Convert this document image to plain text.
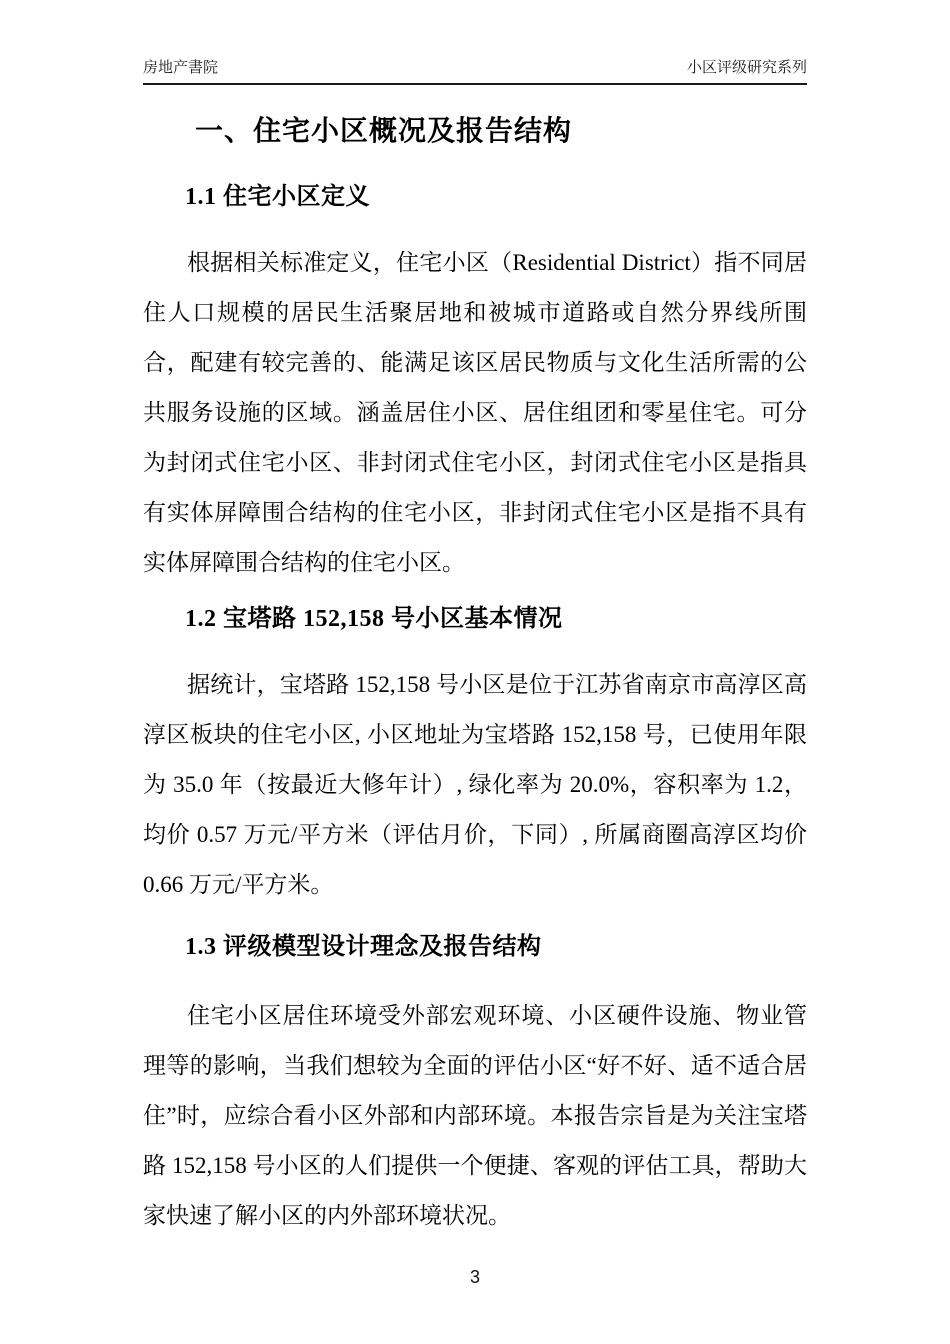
房地产書院	小区评级研究系列
一、住宅小区概况及报告结构
1.1 住宅小区定义

根据相关标准定义，住宅小区（Residential District）指不同居住人口规模的居民生活聚居地和被城市道路或自然分界线所围合，配建有较完善的、能满足该区居民物质与文化生活所需的公共服务设施的区域。涵盖居住小区、居住组团和零星住宅。可分为封闭式住宅小区、非封闭式住宅小区，封闭式住宅小区是指具有实体屏障围合结构的住宅小区，非封闭式住宅小区是指不具有实体屏障围合结构的住宅小区。

1.2 宝塔路 152,158 号小区基本情况

据统计，宝塔路 152,158 号小区是位于江苏省南京市高淳区高淳区板块的住宅小区, 小区地址为宝塔路 152,158 号，已使用年限为 35.0 年（按最近大修年计）, 绿化率为 20.0%，容积率为 1.2，均价 0.57 万元/平方米（评估月价，下同）, 所属商圈高淳区均价 0.66 万元/平方米。

1.3 评级模型设计理念及报告结构

住宅小区居住环境受外部宏观环境、小区硬件设施、物业管理等的影响，当我们想较为全面的评估小区“好不好、适不适合居住”时，应综合看小区外部和内部环境。本报告宗旨是为关注宝塔路 152,158 号小区的人们提供一个便捷、客观的评估工具，帮助大家快速了解小区的内外部环境状况。

3
